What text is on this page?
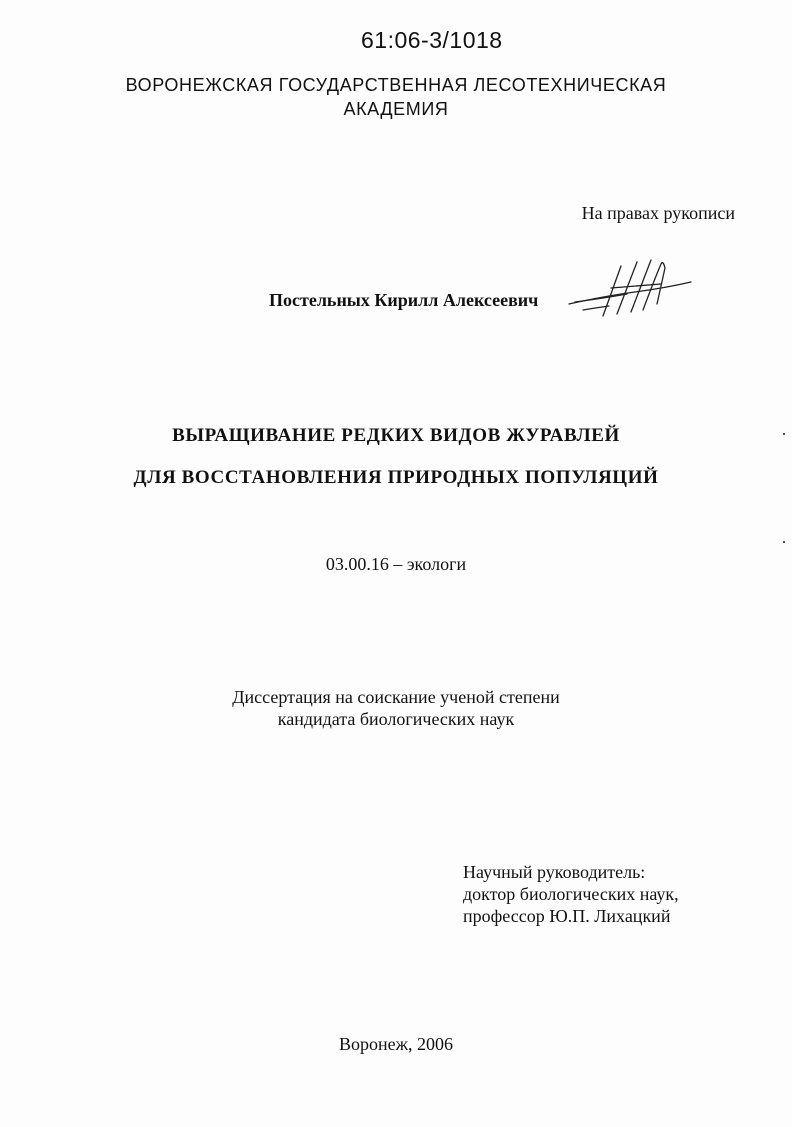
61:06-3/1018
ВОРОНЕЖСКАЯ ГОСУДАРСТВЕННАЯ ЛЕСОТЕХНИЧЕСКАЯ
АКАДЕМИЯ
На правах рукописи
Постельных Кирилл Алексеевич
ВЫРАЩИВАНИЕ РЕДКИХ ВИДОВ ЖУРАВЛЕЙ
ДЛЯ ВОССТАНОВЛЕНИЯ ПРИРОДНЫХ ПОПУЛЯЦИЙ
03.00.16 – экологи
Диссертация на соискание ученой степени
кандидата биологических наук
Научный руководитель:
доктор биологических наук,
профессор Ю.П. Лихацкий
Воронеж, 2006
